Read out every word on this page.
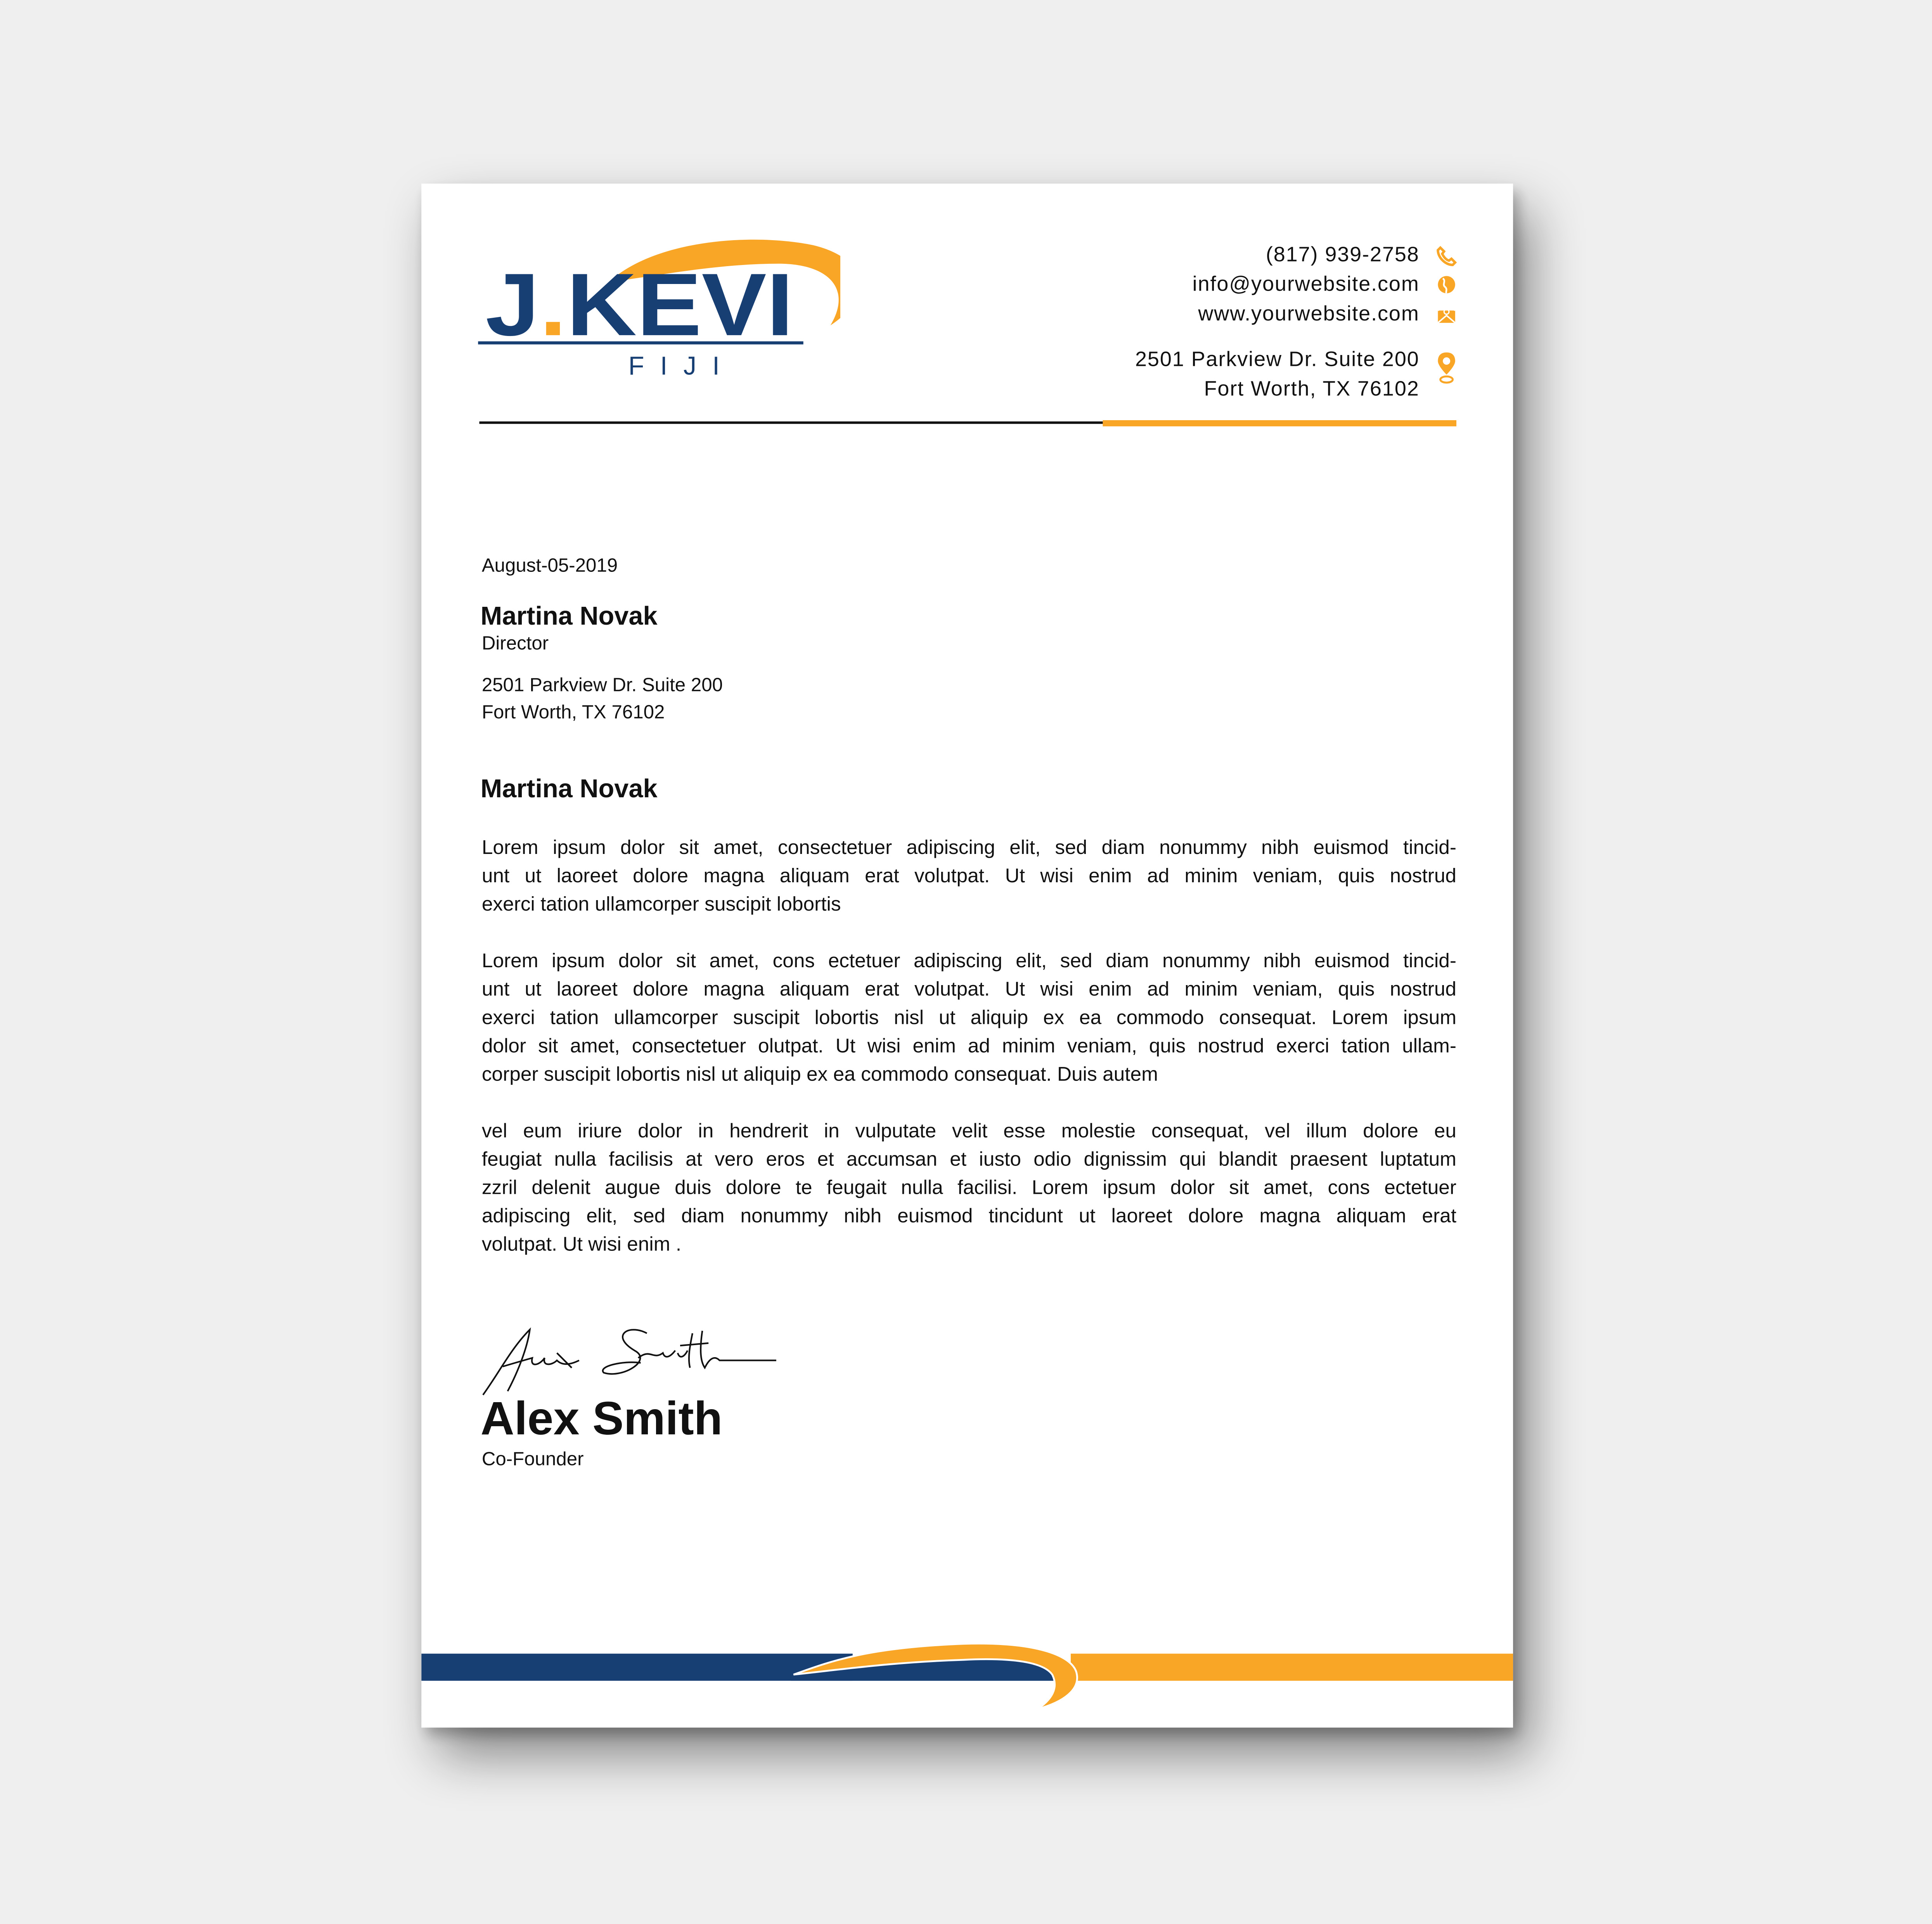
J .KEVI
FIJI
(817) 939-2758
info@yourwebsite.com
www.yourwebsite.com
2501 Parkview Dr. Suite 200
Fort Worth, TX 76102
August-05-2019
Martina Novak
Director
2501 Parkview Dr. Suite 200
Fort Worth, TX 76102
Martina Novak
Lorem ipsum dolor sit amet, consectetuer adipiscing elit, sed diam nonummy nibh euismod tincid-
unt ut laoreet dolore magna aliquam erat volutpat. Ut wisi enim ad minim veniam, quis nostrud
exerci tation ullamcorper suscipit lobortis
Lorem ipsum dolor sit amet, cons ectetuer adipiscing elit, sed diam nonummy nibh euismod tincid-
unt ut laoreet dolore magna aliquam erat volutpat. Ut wisi enim ad minim veniam, quis nostrud
exerci tation ullamcorper suscipit lobortis nisl ut aliquip ex ea commodo consequat. Lorem ipsum
dolor sit amet, consectetuer olutpat. Ut wisi enim ad minim veniam, quis nostrud exerci tation ullam-
corper suscipit lobortis nisl ut aliquip ex ea commodo consequat. Duis autem
vel eum iriure dolor in hendrerit in vulputate velit esse molestie consequat, vel illum dolore eu
feugiat nulla facilisis at vero eros et accumsan et iusto odio dignissim qui blandit praesent luptatum
zzril delenit augue duis dolore te feugait nulla facilisi. Lorem ipsum dolor sit amet, cons ectetuer
adipiscing elit, sed diam nonummy nibh euismod tincidunt ut laoreet dolore magna aliquam erat
volutpat. Ut wisi enim .
Alex Smith
Co-Founder
